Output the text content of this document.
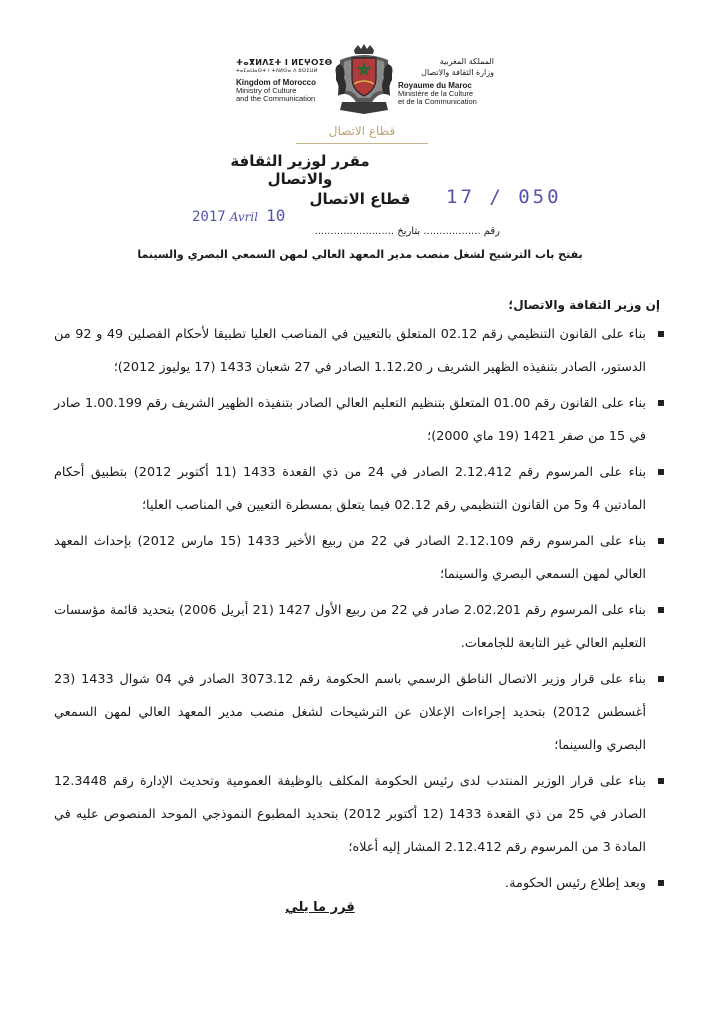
ⵜⴰⴳⵍⴷⵉⵜ ⵏ ⵍⵎⵖⵔⵉⴱ
ⵜⴰⵎⴰⵡⴰⵙⵜ ⵏ ⵜⴷⵍⵙⴰ ⴷ ⵓⵙⵉⵡⵍ
Kingdom of Morocco
Ministry of Culture
and the Communication
المملكة المغربية
وزارة الثقافة والاتصال
Royaume du Maroc
Ministère de la Culture
et de la Communication
قطاع الاتصال
مقرر لوزير الثقافة والاتصال
17 / 050
قطاع الاتصال
2017 Avril 10
رقم .................. بتاريخ .........................
بفتح باب الترشيح لشغل منصب مدير المعهد العالي لمهن السمعي البصري والسينما
إن وزير الثقافة والاتصال؛
بناء على القانون التنظيمي رقم 02.12 المتعلق بالتعيين في المناصب العليا تطبيقا لأحكام الفصلين 49 و 92 من الدستور، الصادر بتنفيذه الظهير الشريف ر 1.12.20 الصادر في 27 شعبان 1433 (17 يوليوز 2012)؛
بناء على القانون رقم 01.00 المتعلق بتنظيم التعليم العالي الصادر بتنفيذه الظهير الشريف رقم 1.00.199 صادر في 15 من صفر 1421 (19 ماي 2000)؛
بناء على المرسوم رقم 2.12.412 الصادر في 24 من ذي القعدة 1433 (11 أكتوبر 2012) بتطبيق أحكام المادتين 4 و5 من القانون التنظيمي رقم 02.12 فيما يتعلق بمسطرة التعيين في المناصب العليا؛
بناء على المرسوم رقم 2.12.109 الصادر في 22 من ربيع الأخير 1433 (15 مارس 2012) بإحداث المعهد العالي لمهن السمعي البصري والسينما؛
بناء على المرسوم رقم 2.02.201 صادر في 22 من ربيع الأول 1427 (21 أبريل 2006) بتحديد قائمة مؤسسات التعليم العالي غير التابعة للجامعات.
بناء على قرار وزير الاتصال الناطق الرسمي باسم الحكومة رقم 3073.12 الصادر في 04 شوال 1433 (23 أغسطس 2012) بتحديد إجراءات الإعلان عن الترشيحات لشغل منصب مدير المعهد العالي لمهن السمعي البصري والسينما؛
بناء على قرار الوزير المنتدب لدى رئيس الحكومة المكلف بالوظيفة العمومية وتحديث الإدارة رقم 12.3448 الصادر في 25 من ذي القعدة 1433 (12 أكتوبر 2012) بتحديد المطبوع النموذجي الموحد المنصوص عليه في المادة 3 من المرسوم رقم 2.12.412 المشار إليه أعلاه؛
وبعد إطلاع رئيس الحكومة.
قرر ما يلي
